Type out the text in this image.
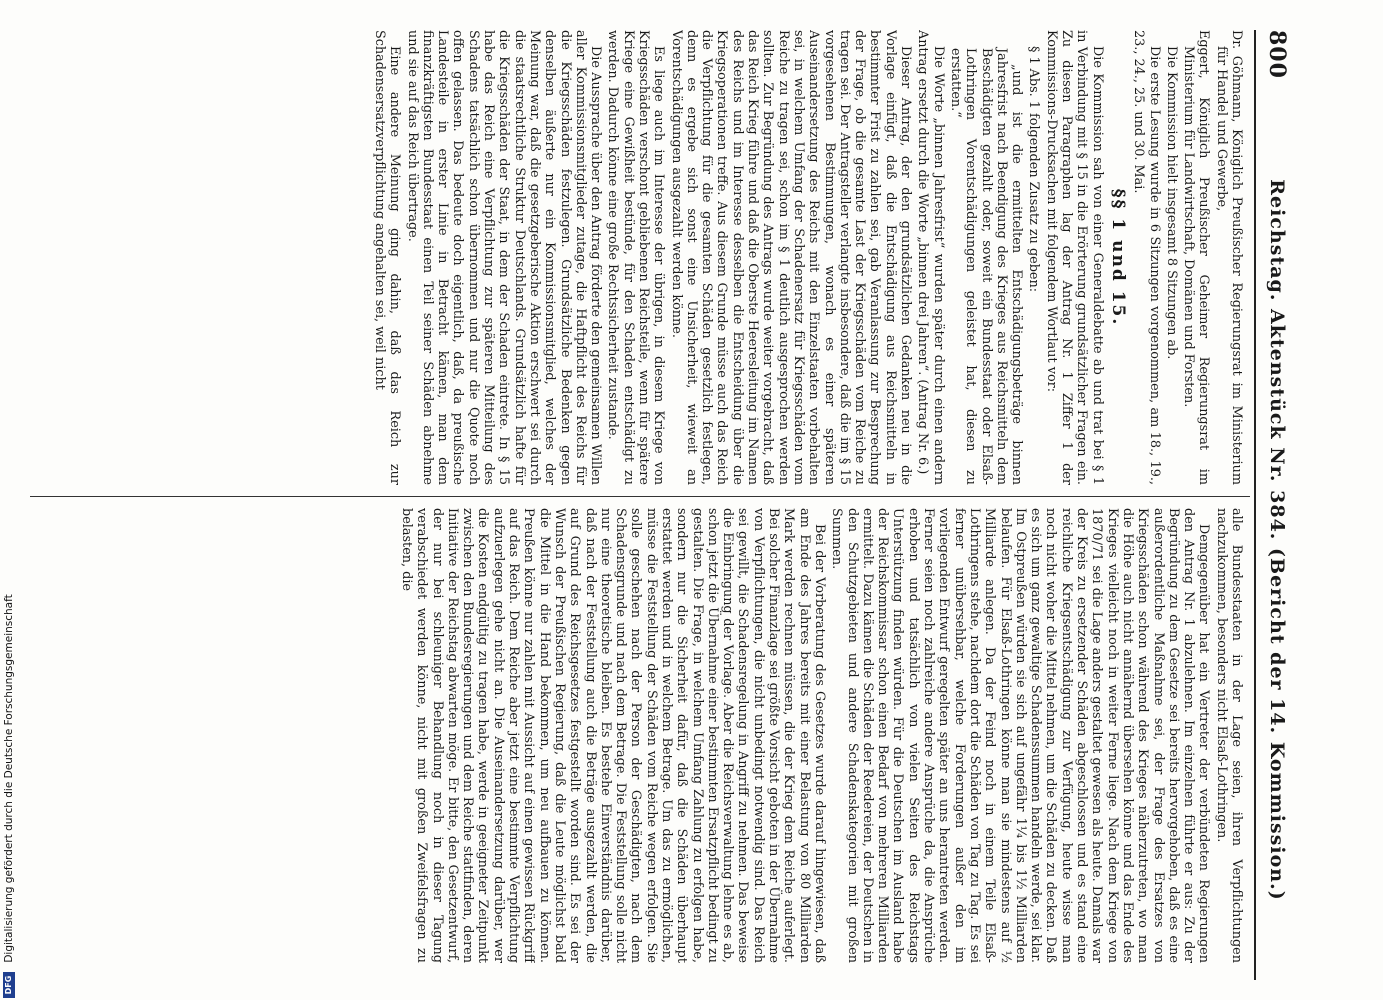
800
Reichstag. Aktenstück Nr. 384. (Bericht der 14. Kommission.)

Dr. Göhmann, Königlich Preußischer Regierungsrat im Ministerium für Handel und Gewerbe,

Eggert, Königlich Preußischer Geheimer Regierungsrat im Ministerium für Landwirtschaft, Domänen und Forsten.

Die Kommission hielt insgesamt 8 Sitzungen ab.

Die erste Lesung wurde in 6 Sitzungen vorgenommen, am 18., 19., 23., 24., 25. und 30. Mai.

§§ 1 und 15.

Die Kommission sah von einer Generaldebatte ab und trat bei § 1 in Verbindung mit § 15 in die Erörterung grundsätzlicher Fragen ein. Zu diesen Paragraphen lag der Antrag Nr. 1 Ziffer 1 der Kommissions-Drucksachen mit folgendem Wortlaut vor:

§ 1 Abs. 1 folgenden Zusatz zu geben:

„und ist die ermittelten Entschädigungsbeträge binnen Jahresfrist nach Beendigung des Krieges aus Reichsmitteln dem Beschädigten gezahlt oder, soweit ein Bundesstaat oder Elsaß-Lothringen Vorentschädigungen geleistet hat, diesen zu erstatten.“

Die Worte „binnen Jahresfrist“ wurden später durch einen andern Antrag ersetzt durch die Worte „binnen drei Jahren“. (Antrag Nr. 6.)

Dieser Antrag, der den grundsätzlichen Gedanken neu in die Vorlage einfügt, daß die Entschädigung aus Reichsmitteln in bestimmter Frist zu zahlen sei, gab Veranlassung zur Besprechung der Frage, ob die gesamte Last der Kriegsschäden vom Reiche zu tragen sei. Der Antragsteller verlangte insbesondere, daß die im § 15 vorgesehenen Bestimmungen, wonach es einer späteren Auseinandersetzung des Reichs mit den Einzelstaaten vorbehalten sei, in welchem Umfang der Schadenersatz für Kriegsschäden vom Reiche zu tragen sei, schon im § 1 deutlich ausgesprochen werden sollten. Zur Begründung des Antrags wurde weiter vorgebracht, daß das Reich Krieg führe und daß die Oberste Heeresleitung im Namen des Reichs und im Interesse desselben die Entscheidung über die Kriegsoperationen treffe. Aus diesem Grunde müsse auch das Reich die Verpflichtung für die gesamten Schäden gesetzlich festlegen, denn es ergebe sich sonst eine Unsicherheit, wieweit an Vorentschädigungen ausgezahlt werden könne.

Es liege auch im Interesse der übrigen, in diesem Kriege von Kriegsschäden verschont gebliebenen Reichsteile, wenn für spätere Kriege eine Gewißheit bestünde, für den Schaden entschädigt zu werden. Dadurch könne eine große Rechtssicherheit zustande.

Die Aussprache über den Antrag förderte den gemeinsamen Willen aller Kommissionsmitglieder zutage, die Haftpflicht des Reichs für die Kriegsschäden festzulegen. Grundsätzliche Bedenken gegen denselben äußerte nur ein Kommissionsmitglied, welches der Meinung war, daß die gesetzgeberische Aktion erschwert sei durch die staatsrechtliche Struktur Deutschlands. Grundsätzlich hafte für die Kriegsschäden der Staat, in dem der Schaden eintrete. In § 15 habe das Reich eine Verpflichtung zur späteren Mitteilung des Schadens tatsächlich schon übernommen und nur die Quote noch offen gelassen. Das bedeute doch eigentlich, daß, da preußische Landesteile in erster Linie in Betracht kämen, man dem finanzkräftigsten Bundesstaat einen Teil seiner Schäden abnehme und sie auf das Reich übertrage.

Eine andere Meinung ging dahin, daß das Reich zur Schadensersatzverpflichtung angehalten sei, weil nicht

alle Bundesstaaten in der Lage seien, ihren Verpflichtungen nachzukommen, besonders nicht Elsaß-Lothringen.

Demgegenüber hat ein Vertreter der verbündeten Regierungen den Antrag Nr. 1 abzulehnen. Im einzelnen führte er aus: Zu der Begründung zu dem Gesetze sei bereits hervorgehoben, daß es eine außerordentliche Maßnahme sei, der Frage des Ersatzes von Kriegsschäden schon während des Krieges näherzutreten, wo man die Höhe auch nicht annähernd übersehen könne und das Ende des Krieges vielleicht noch in weiter Ferne liege. Nach dem Kriege von 1870/71 sei die Lage anders gestaltet gewesen als heute. Damals war der Kreis zu ersetzender Schäden abgeschlossen und es stand eine reichliche Kriegsentschädigung zur Verfügung, heute wisse man noch nicht woher die Mittel nehmen, um die Schäden zu decken. Daß es sich um ganz gewaltige Schadenssummen handeln werde, sei klar. Im Ostpreußen würden sie sich auf ungefähr 1¼ bis 1½ Milliarden belaufen. Für Elsaß-Lothringen könne man sie mindestens auf ½ Milliarde anlegen. Da der Feind noch in einem Teile Elsaß-Lothringens stehe, nachdem dort die Schäden von Tag zu Tag. Es sei ferner unübersehbar, welche Forderungen außer den im vorliegenden Entwurf geregelten später an uns herantreten werden. Ferner seien noch zahlreiche andere Ansprüche da, die Ansprüche erhoben und tatsächlich von vielen Seiten des Reichstags Unterstützung finden würden. Für die Deutschen im Ausland habe der Reichskommissar schon einen Bedarf von mehreren Milliarden ermittelt. Dazu kämen die Schäden der Reedereien, der Deutschen in den Schutzgebieten und andere Schadenskategorien mit großen Summen.

Bei der Vorberatung des Gesetzes wurde darauf hingewiesen, daß am Ende des Jahres bereits mit einer Belastung von 80 Milliarden Mark werden rechnen müssen, die der Krieg dem Reiche auferlegt. Bei solcher Finanzlage sei größte Vorsicht geboten in der Übernahme von Verpflichtungen, die nicht unbedingt notwendig sind. Das Reich sei gewillt, die Schadensregelung in Angriff zu nehmen. Das beweise die Einbringung der Vorlage. Aber die Reichsverwaltung lehne es ab, schon jetzt die Übernahme einer bestimmten Ersatzpflicht bedingt zu gestalten. Die Frage, in welchem Umfang Zahlung zu erfolgen habe, sondern nur die Sicherheit dafür, daß die Schäden überhaupt erstattet werden und in welchem Betrage. Um das zu ermöglichen, müsse die Feststellung der Schäden vom Reiche wegen erfolgen. Sie solle geschehen nach der Person der Geschädigten, nach dem Schadensgrunde und nach dem Betrage. Die Feststellung solle nicht nur eine theoretische bleiben. Es bestehe Einverständnis darüber, daß nach der Feststellung auch die Beträge ausgezahlt werden, die auf Grund des Reichsgesetzes festgestellt worden sind. Es sei der Wunsch der Preußischen Regierung, daß die Leute möglichst bald die Mittel in die Hand bekommen, um neu aufbauen zu können. Preußen könne nur zahlen mit Aussicht auf einen gewissen Rückgriff auf das Reich. Dem Reiche aber jetzt eine bestimmte Verpflichtung aufzuerlegen gehe nicht an. Die Auseinandersetzung darüber, wer die Kosten endgültig zu tragen habe, werde in geeigneter Zeitpunkt zwischen den Bundesregierungen und dem Reiche stattfinden, deren Initiative der Reichstag abwarten möge. Er bitte, den Gesetzentwurf, der nur bei schleuniger Behandlung noch in dieser Tagung verabschiedet werden könne, nicht mit großen Zweifelsfragen zu belasten, die

DFG Digitalisierung gefördert durch die Deutsche Forschungsgemeinschaft
